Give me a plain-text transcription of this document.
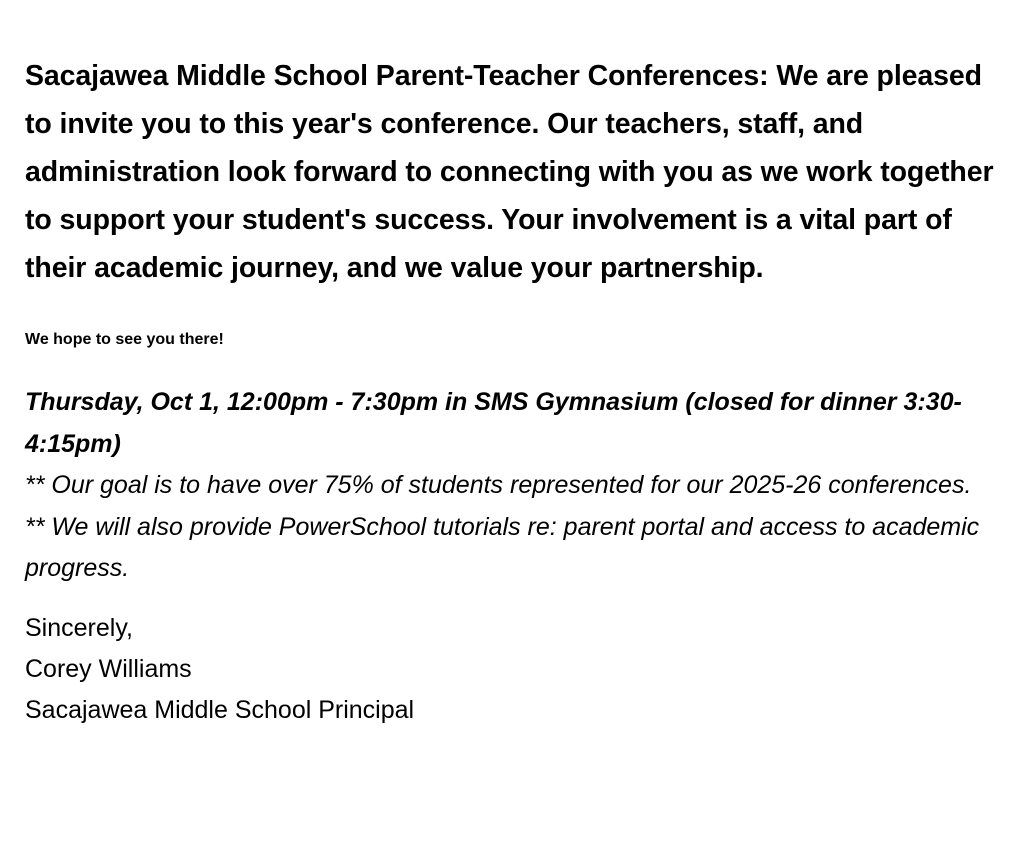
Sacajawea Middle School Parent-Teacher Conferences: We are pleased to invite you to this year's conference. Our teachers, staff, and administration look forward to connecting with you as we work together to support your student's success. Your involvement is a vital part of their academic journey, and we value your partnership.

We hope to see you there!

Thursday, Oct 1, 12:00pm - 7:30pm in SMS Gymnasium (closed for dinner 3:30-4:15pm)
** Our goal is to have over 75% of students represented for our 2025-26 conferences.
** We will also provide PowerSchool tutorials re: parent portal and access to academic progress.
Sincerely,
Corey Williams
Sacajawea Middle School Principal
